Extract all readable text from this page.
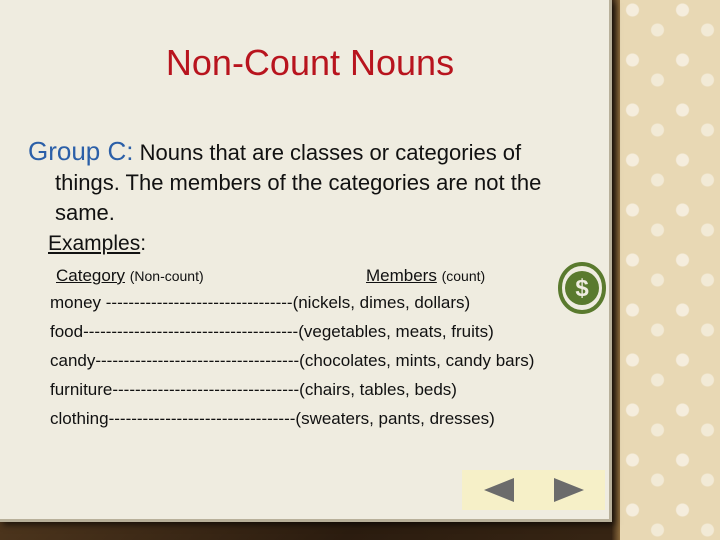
Non-Count Nouns
Group C: Nouns that are classes or categories of
things. The members of the categories are not the
same.
Examples:
Category (Non-count)	Members (count)
money ---------------------------------(nickels, dimes, dollars)
food--------------------------------------(vegetables, meats, fruits)
candy------------------------------------(chocolates, mints, candy bars)
furniture---------------------------------(chairs, tables, beds)
clothing---------------------------------(sweaters, pants, dresses)
$
